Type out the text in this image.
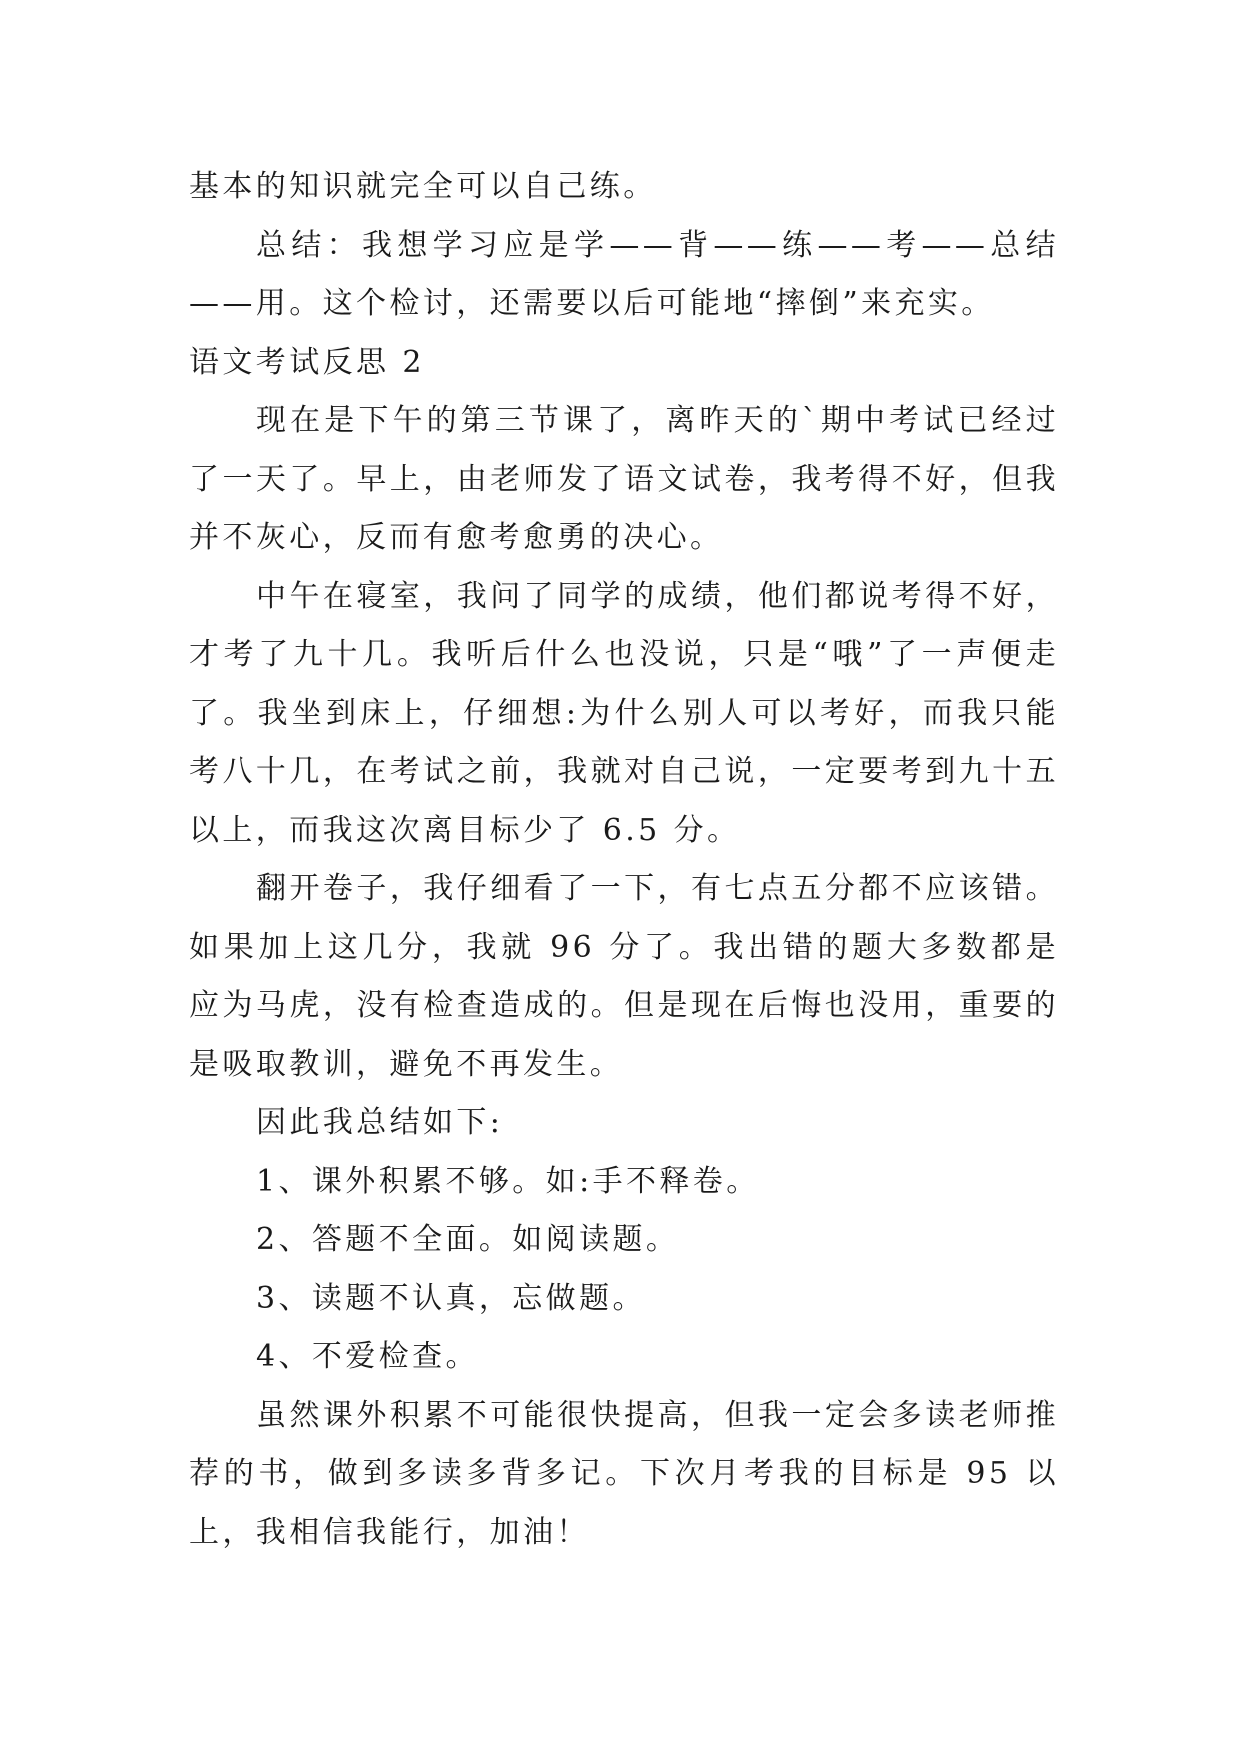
基本的知识就完全可以自己练。

总结：我想学习应是学——背——练——考——总结——用。这个检讨，还需要以后可能地“摔倒”来充实。

语文考试反思 2

现在是下午的第三节课了，离昨天的`期中考试已经过了一天了。早上，由老师发了语文试卷，我考得不好，但我并不灰心，反而有愈考愈勇的决心。

中午在寝室，我问了同学的成绩，他们都说考得不好，才考了九十几。我听后什么也没说，只是“哦”了一声便走了。我坐到床上，仔细想:为什么别人可以考好，而我只能考八十几，在考试之前，我就对自己说，一定要考到九十五以上，而我这次离目标少了 6.5 分。

翻开卷子，我仔细看了一下，有七点五分都不应该错。如果加上这几分，我就 96 分了。我出错的题大多数都是应为马虎，没有检查造成的。但是现在后悔也没用，重要的是吸取教训，避免不再发生。

因此我总结如下:

1、课外积累不够。如:手不释卷。

2、答题不全面。如阅读题。

3、读题不认真，忘做题。

4、不爱检查。

虽然课外积累不可能很快提高，但我一定会多读老师推荐的书，做到多读多背多记。下次月考我的目标是 95 以上，我相信我能行，加油！
